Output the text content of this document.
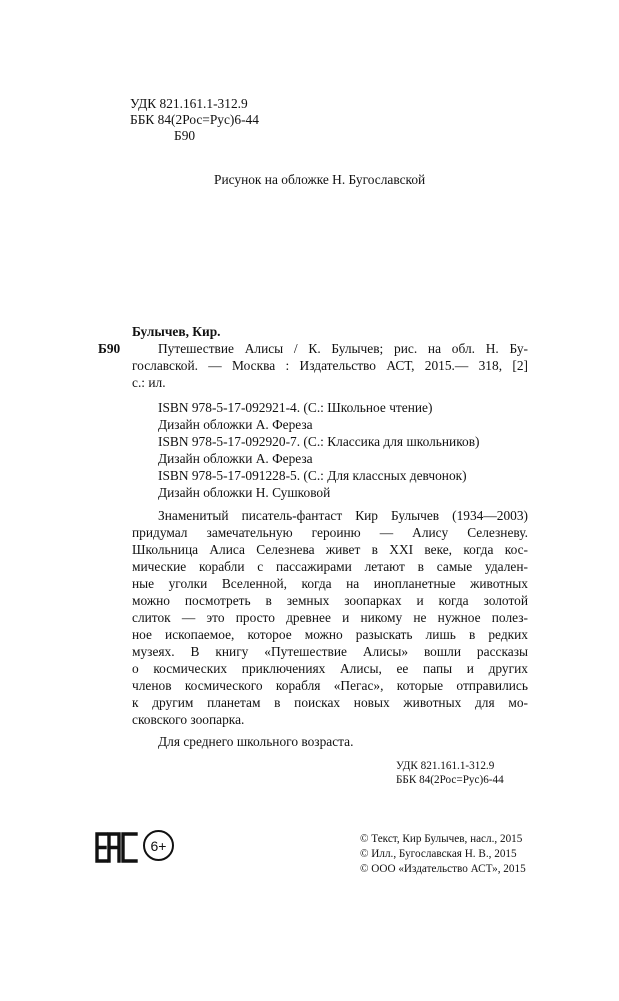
УДК 821.161.1-312.9
ББК 84(2Рос=Рус)6-44
Б90
Рисунок на обложке Н. Бугославской
Булычев, Кир.
Б90	Путешествие Алисы / К. Булычев; рис. на обл. Н. Бу-
гославской. — Москва : Издательство АСТ, 2015.— 318, [2]
с.: ил.
ISBN 978-5-17-092921-4. (С.: Школьное чтение)
Дизайн обложки А. Фереза
ISBN 978-5-17-092920-7. (С.: Классика для школьников)
Дизайн обложки А. Фереза
ISBN 978-5-17-091228-5. (С.: Для классных девчонок)
Дизайн обложки Н. Сушковой
Знаменитый писатель-фантаст Кир Булычев (1934—2003)
придумал замечательную героиню — Алису Селезневу.
Школьница Алиса Селезнева живет в XXI веке, когда кос-
мические корабли с пассажирами летают в самые удален-
ные уголки Вселенной, когда на инопланетные животных
можно посмотреть в земных зоопарках и когда золотой
слиток — это просто древнее и никому не нужное полез-
ное ископаемое, которое можно разыскать лишь в редких
музеях. В книгу «Путешествие Алисы» вошли рассказы
о космических приключениях Алисы, ее папы и других
членов космического корабля «Пегас», которые отправились
к другим планетам в поисках новых животных для мо-
сковского зоопарка.
Для среднего школьного возраста.
УДК 821.161.1-312.9
ББК 84(2Рос=Рус)6-44
6+	© Текст, Кир Булычев, насл., 2015
© Илл., Бугославская Н. В., 2015
© ООО «Издательство АСТ», 2015
